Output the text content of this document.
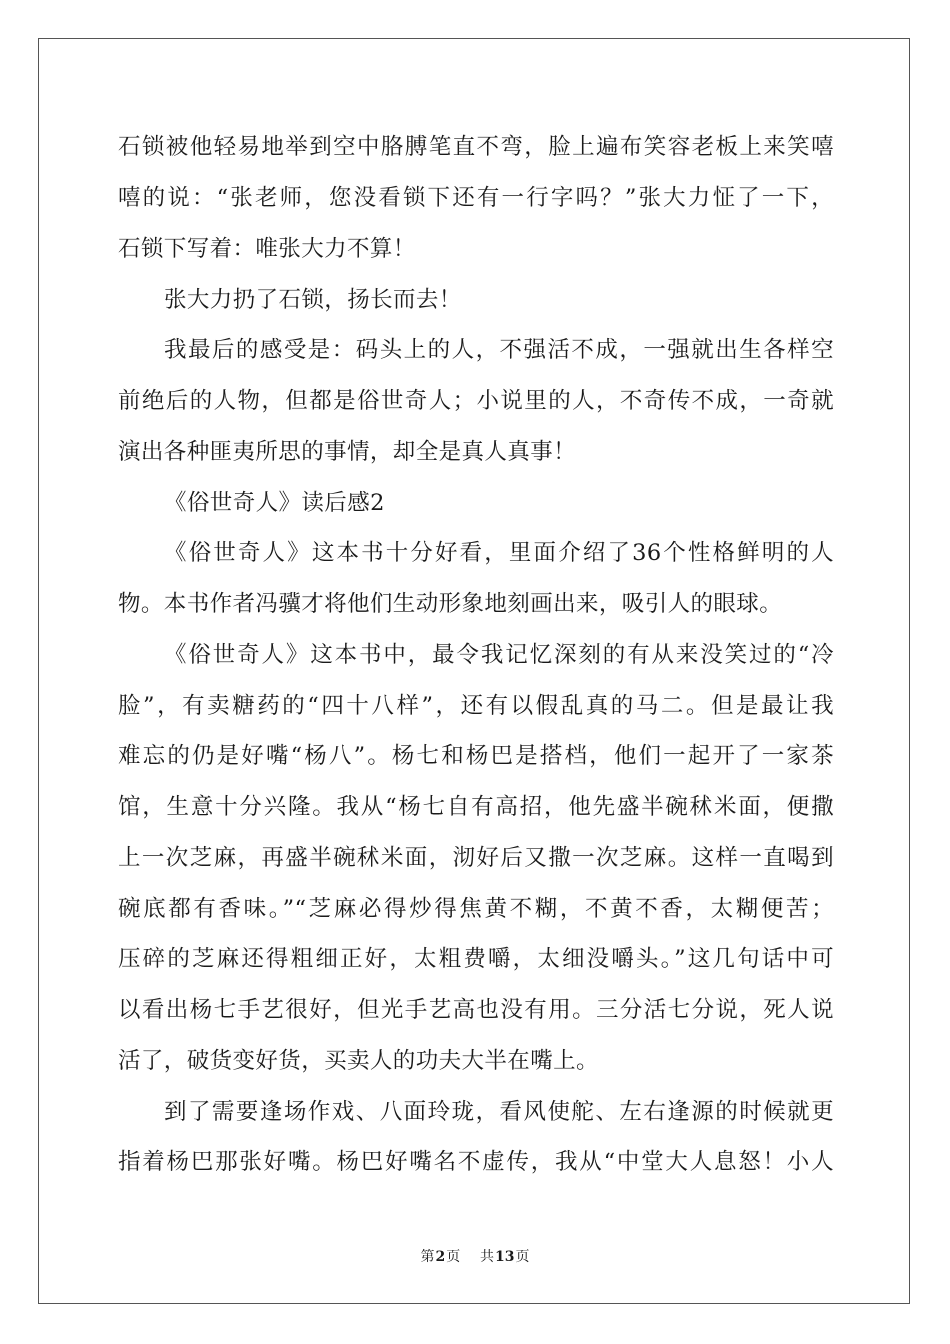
石锁被他轻易地举到空中胳膊笔直不弯，脸上遍布笑容老板上来笑嘻
嘻的说：“张老师，您没看锁下还有一行字吗？”张大力怔了一下，
石锁下写着：唯张大力不算！
张大力扔了石锁，扬长而去！
我最后的感受是：码头上的人，不强活不成，一强就出生各样空
前绝后的人物，但都是俗世奇人；小说里的人，不奇传不成，一奇就
演出各种匪夷所思的事情，却全是真人真事！
《俗世奇人》读后感2
《俗世奇人》这本书十分好看，里面介绍了36个性格鲜明的人
物。本书作者冯骥才将他们生动形象地刻画出来，吸引人的眼球。
《俗世奇人》这本书中，最令我记忆深刻的有从来没笑过的“冷
脸”，有卖糖药的“四十八样”，还有以假乱真的马二。但是最让我
难忘的仍是好嘴“杨八”。杨七和杨巴是搭档，他们一起开了一家茶
馆，生意十分兴隆。我从“杨七自有高招，他先盛半碗秫米面，便撒
上一次芝麻，再盛半碗秫米面，沏好后又撒一次芝麻。这样一直喝到
碗底都有香味。”“芝麻必得炒得焦黄不糊，不黄不香，太糊便苦；
压碎的芝麻还得粗细正好，太粗费嚼，太细没嚼头。”这几句话中可
以看出杨七手艺很好，但光手艺高也没有用。三分活七分说，死人说
活了，破货变好货，买卖人的功夫大半在嘴上。
到了需要逢场作戏、八面玲珑，看风使舵、左右逢源的时候就更
指着杨巴那张好嘴。杨巴好嘴名不虚传，我从“中堂大人息怒！小人
第2页 共13页
